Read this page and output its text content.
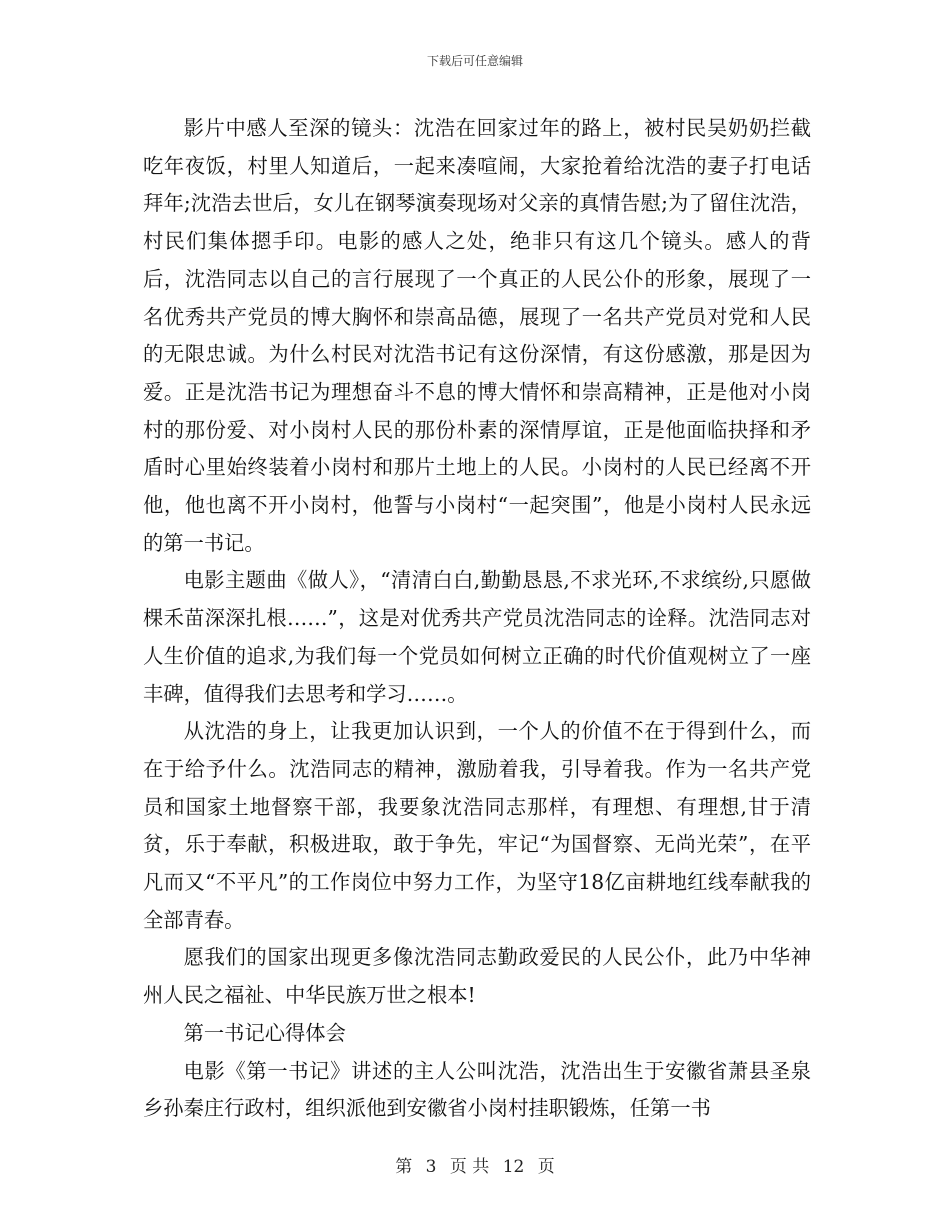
下载后可任意编辑

影片中感人至深的镜头：沈浩在回家过年的路上，被村民吴奶奶拦截吃年夜饭，村里人知道后，一起来凑喧闹，大家抢着给沈浩的妻子打电话拜年;沈浩去世后，女儿在钢琴演奏现场对父亲的真情告慰;为了留住沈浩，村民们集体摁手印。电影的感人之处，绝非只有这几个镜头。感人的背后，沈浩同志以自己的言行展现了一个真正的人民公仆的形象，展现了一名优秀共产党员的博大胸怀和崇高品德，展现了一名共产党员对党和人民的无限忠诚。为什么村民对沈浩书记有这份深情，有这份感激，那是因为爱。正是沈浩书记为理想奋斗不息的博大情怀和崇高精神，正是他对小岗村的那份爱、对小岗村人民的那份朴素的深情厚谊，正是他面临抉择和矛盾时心里始终装着小岗村和那片土地上的人民。小岗村的人民已经离不开他，他也离不开小岗村，他誓与小岗村“一起突围”，他是小岗村人民永远的第一书记。

电影主题曲《做人》，“清清白白,勤勤恳恳,不求光环,不求缤纷,只愿做棵禾苗深深扎根……”，这是对优秀共产党员沈浩同志的诠释。沈浩同志对人生价值的追求,为我们每一个党员如何树立正确的时代价值观树立了一座丰碑，值得我们去思考和学习……。

从沈浩的身上，让我更加认识到，一个人的价值不在于得到什么，而在于给予什么。沈浩同志的精神，激励着我，引导着我。作为一名共产党员和国家土地督察干部，我要象沈浩同志那样，有理想、有理想,甘于清贫，乐于奉献，积极进取，敢于争先，牢记“为国督察、无尚光荣”，在平凡而又“不平凡”的工作岗位中努力工作，为坚守18亿亩耕地红线奉献我的全部青春。

愿我们的国家出现更多像沈浩同志勤政爱民的人民公仆，此乃中华神州人民之福祉、中华民族万世之根本!

第一书记心得体会

电影《第一书记》讲述的主人公叫沈浩，沈浩出生于安徽省萧县圣泉乡孙秦庄行政村，组织派他到安徽省小岗村挂职锻炼，任第一书

第 3 页 共 12 页
